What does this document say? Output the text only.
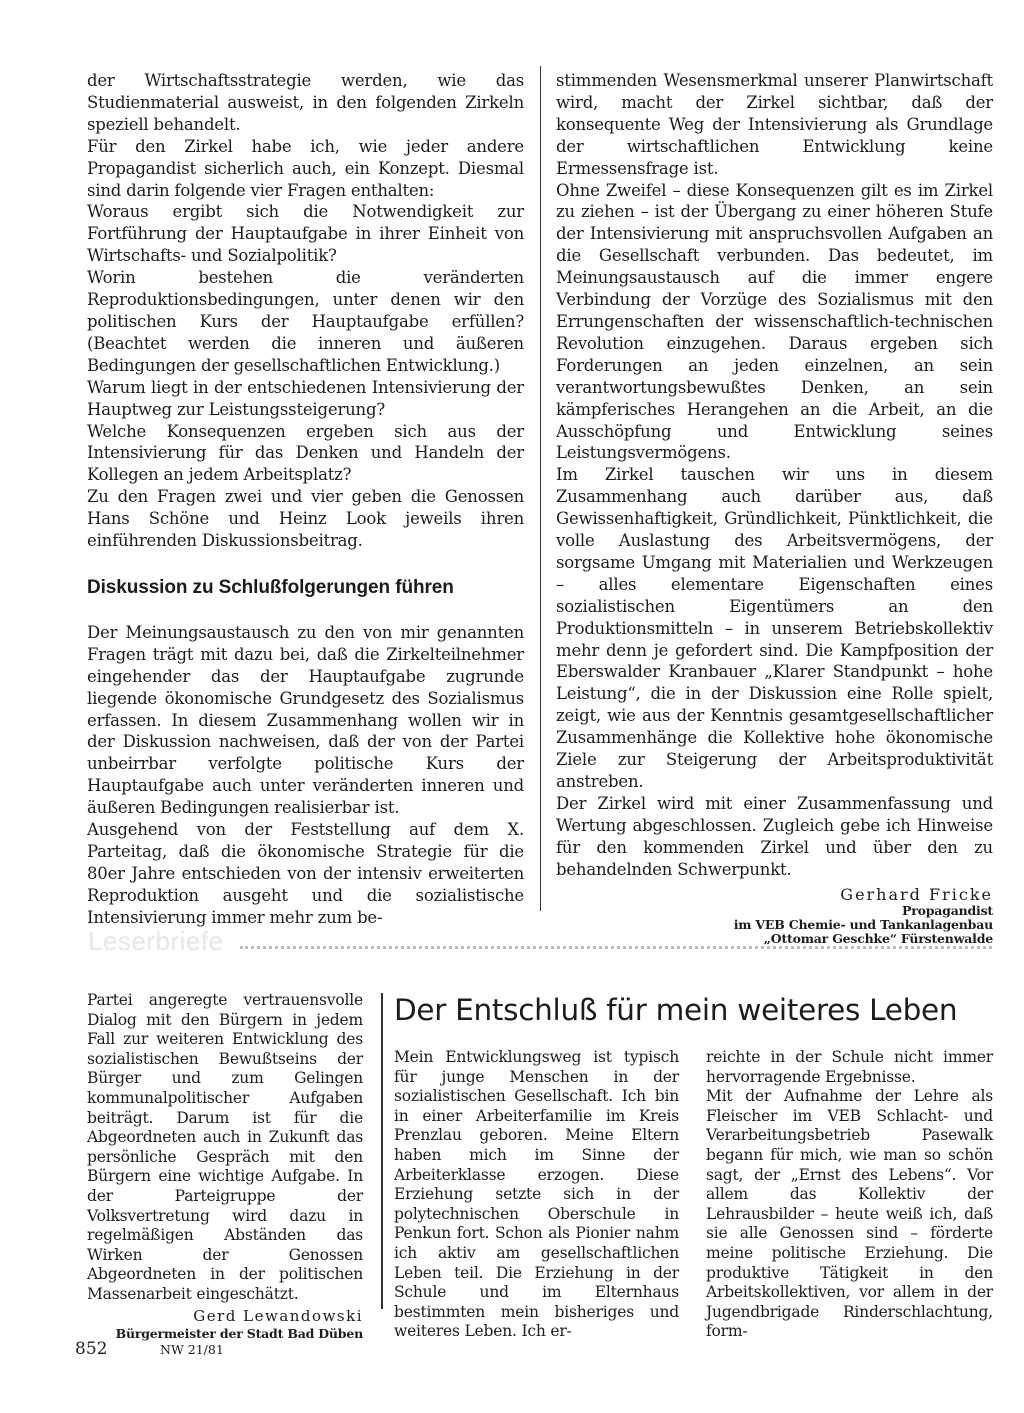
der Wirtschaftsstrategie werden, wie das Studienmaterial ausweist, in den folgenden Zirkeln speziell behandelt.

Für den Zirkel habe ich, wie jeder andere Propagandist sicherlich auch, ein Konzept. Diesmal sind darin folgende vier Fragen enthalten:

Woraus ergibt sich die Notwendigkeit zur Fortführung der Hauptaufgabe in ihrer Einheit von Wirtschafts- und Sozialpolitik?

Worin bestehen die veränderten Reproduktionsbedingungen, unter denen wir den politischen Kurs der Hauptaufgabe erfüllen? (Beachtet werden die inneren und äußeren Bedingungen der gesellschaftlichen Entwicklung.)

Warum liegt in der entschiedenen Intensivierung der Hauptweg zur Leistungssteigerung?

Welche Konsequenzen ergeben sich aus der Intensivierung für das Denken und Handeln der Kollegen an jedem Arbeitsplatz?

Zu den Fragen zwei und vier geben die Genossen Hans Schöne und Heinz Look jeweils ihren einführenden Diskussionsbeitrag.

Diskussion zu Schlußfolgerungen führen

Der Meinungsaustausch zu den von mir genannten Fragen trägt mit dazu bei, daß die Zirkelteilnehmer eingehender das der Hauptaufgabe zugrunde liegende ökonomische Grundgesetz des Sozialismus erfassen. In diesem Zusammenhang wollen wir in der Diskussion nachweisen, daß der von der Partei unbeirrbar verfolgte politische Kurs der Hauptaufgabe auch unter veränderten inneren und äußeren Bedingungen realisierbar ist.

Ausgehend von der Feststellung auf dem X. Parteitag, daß die ökonomische Strategie für die 80er Jahre entschieden von der intensiv erweiterten Reproduktion ausgeht und die sozialistische Intensivierung immer mehr zum be-

stimmenden Wesensmerkmal unserer Planwirtschaft wird, macht der Zirkel sichtbar, daß der konsequente Weg der Intensivierung als Grundlage der wirtschaftlichen Entwicklung keine Ermessensfrage ist.

Ohne Zweifel – diese Konsequenzen gilt es im Zirkel zu ziehen – ist der Übergang zu einer höheren Stufe der Intensivierung mit anspruchsvollen Aufgaben an die Gesellschaft verbunden. Das bedeutet, im Meinungsaustausch auf die immer engere Verbindung der Vorzüge des Sozialismus mit den Errungenschaften der wissenschaftlich-technischen Revolution einzugehen. Daraus ergeben sich Forderungen an jeden einzelnen, an sein verantwortungsbewußtes Denken, an sein kämpferisches Herangehen an die Arbeit, an die Ausschöpfung und Entwicklung seines Leistungsvermögens.

Im Zirkel tauschen wir uns in diesem Zusammenhang auch darüber aus, daß Gewissenhaftigkeit, Gründlichkeit, Pünktlichkeit, die volle Auslastung des Arbeitsvermögens, der sorgsame Umgang mit Materialien und Werkzeugen – alles elementare Eigenschaften eines sozialistischen Eigentümers an den Produktionsmitteln – in unserem Betriebskollektiv mehr denn je gefordert sind. Die Kampfposition der Eberswalder Kranbauer „Klarer Standpunkt – hohe Leistung“, die in der Diskussion eine Rolle spielt, zeigt, wie aus der Kenntnis gesamtgesellschaftlicher Zusammenhänge die Kollektive hohe ökonomische Ziele zur Steigerung der Arbeitsproduktivität anstreben.

Der Zirkel wird mit einer Zusammenfassung und Wertung abgeschlossen. Zugleich gebe ich Hinweise für den kommenden Zirkel und über den zu behandelnden Schwerpunkt.

Gerhard Fricke
Propagandist
im VEB Chemie- und Tankanlagenbau
„Ottomar Geschke“ Fürstenwalde
Leserbriefe

Partei angeregte vertrauensvolle Dialog mit den Bürgern in jedem Fall zur weiteren Entwicklung des sozialistischen Bewußtseins der Bürger und zum Gelingen kommunalpolitischer Aufgaben beiträgt. Darum ist für die Abgeordneten auch in Zukunft das persönliche Gespräch mit den Bürgern eine wichtige Aufgabe. In der Parteigruppe der Volksvertretung wird dazu in regelmäßigen Abständen das Wirken der Genossen Abgeordneten in der politischen Massenarbeit eingeschätzt.

Gerd Lewandowski
Bürgermeister der Stadt Bad Düben
Der Entschluß für mein weiteres Leben

Mein Entwicklungsweg ist typisch für junge Menschen in der sozialistischen Gesellschaft. Ich bin in einer Arbeiterfamilie im Kreis Prenzlau geboren. Meine Eltern haben mich im Sinne der Arbeiterklasse erzogen. Diese Erziehung setzte sich in der polytechnischen Oberschule in Penkun fort. Schon als Pionier nahm ich aktiv am gesellschaftlichen Leben teil. Die Erziehung in der Schule und im Elternhaus bestimmten mein bisheriges und weiteres Leben. Ich er-

reichte in der Schule nicht immer hervorragende Ergebnisse.

Mit der Aufnahme der Lehre als Fleischer im VEB Schlacht- und Verarbeitungsbetrieb Pasewalk begann für mich, wie man so schön sagt, der „Ernst des Lebens“. Vor allem das Kollektiv der Lehrausbilder – heute weiß ich, daß sie alle Genossen sind – förderte meine politische Erziehung. Die produktive Tätigkeit in den Arbeitskollektiven, vor allem in der Jugendbrigade Rinderschlachtung, form-

852	NW 21/81
